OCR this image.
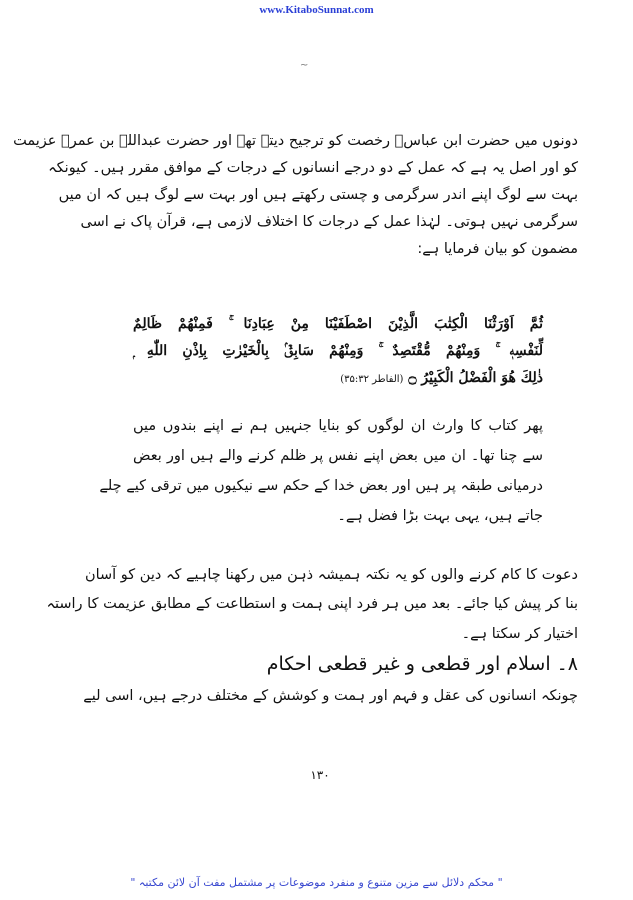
www.KitaboSunnat.com
~
دونوں میں حضرت ابن عباسؓ رخصت کو ترجیح دیتے تھے اور حضرت عبداللہ بن عمرؓ عزیمت
کو اور اصل یہ ہے کہ عمل کے دو درجے انسانوں کے درجات کے موافق مقرر ہیں۔ کیونکہ
بہت سے لوگ اپنے اندر سرگرمی و چستی رکھتے ہیں اور بہت سے لوگ ہیں کہ ان میں
سرگرمی نہیں ہوتی۔ لہٰذا عمل کے درجات کا اختلاف لازمی ہے، قرآن پاک نے اسی
مضمون کو بیان فرمایا ہے:
ثُمَّ اَوْرَثْنَا الْكِتٰبَ الَّذِيْنَ اصْطَفَيْنَا مِنْ عِبَادِنَا ۚ فَمِنْهُمْ ظَالِمٌ
لِّنَفْسِهٖ ۚ وَمِنْهُمْ مُّقْتَصِدٌ ۚ وَمِنْهُمْ سَابِقٌۢ بِالْخَيْرٰتِ بِاِذْنِ اللّٰهِ ۭ
ذٰلِكَ هُوَ الْفَضْلُ الْكَبِيْرُ ۝ (الفاطر ۳۵:۳۲)
پھر کتاب کا وارث ان لوگوں کو بنایا جنہیں ہم نے اپنے بندوں میں
سے چنا تھا۔ ان میں بعض اپنے نفس پر ظلم کرنے والے ہیں اور بعض
درمیانی طبقہ پر ہیں اور بعض خدا کے حکم سے نیکیوں میں ترقی کیے چلے
جاتے ہیں، یہی بہت بڑا فضل ہے۔
دعوت کا کام کرنے والوں کو یہ نکتہ ہمیشہ ذہن میں رکھنا چاہیے کہ دین کو آسان
بنا کر پیش کیا جائے۔ بعد میں ہر فرد اپنی ہمت و استطاعت کے مطابق عزیمت کا راستہ
اختیار کر سکتا ہے۔
۸۔ اسلام اور قطعی و غیر قطعی احکام
چونکہ انسانوں کی عقل و فہم اور ہمت و کوشش کے مختلف درجے ہیں، اسی لیے
۱۳۰
" محکم دلائل سے مزین متنوع و منفرد موضوعات پر مشتمل مفت آن لائن مکتبہ "
